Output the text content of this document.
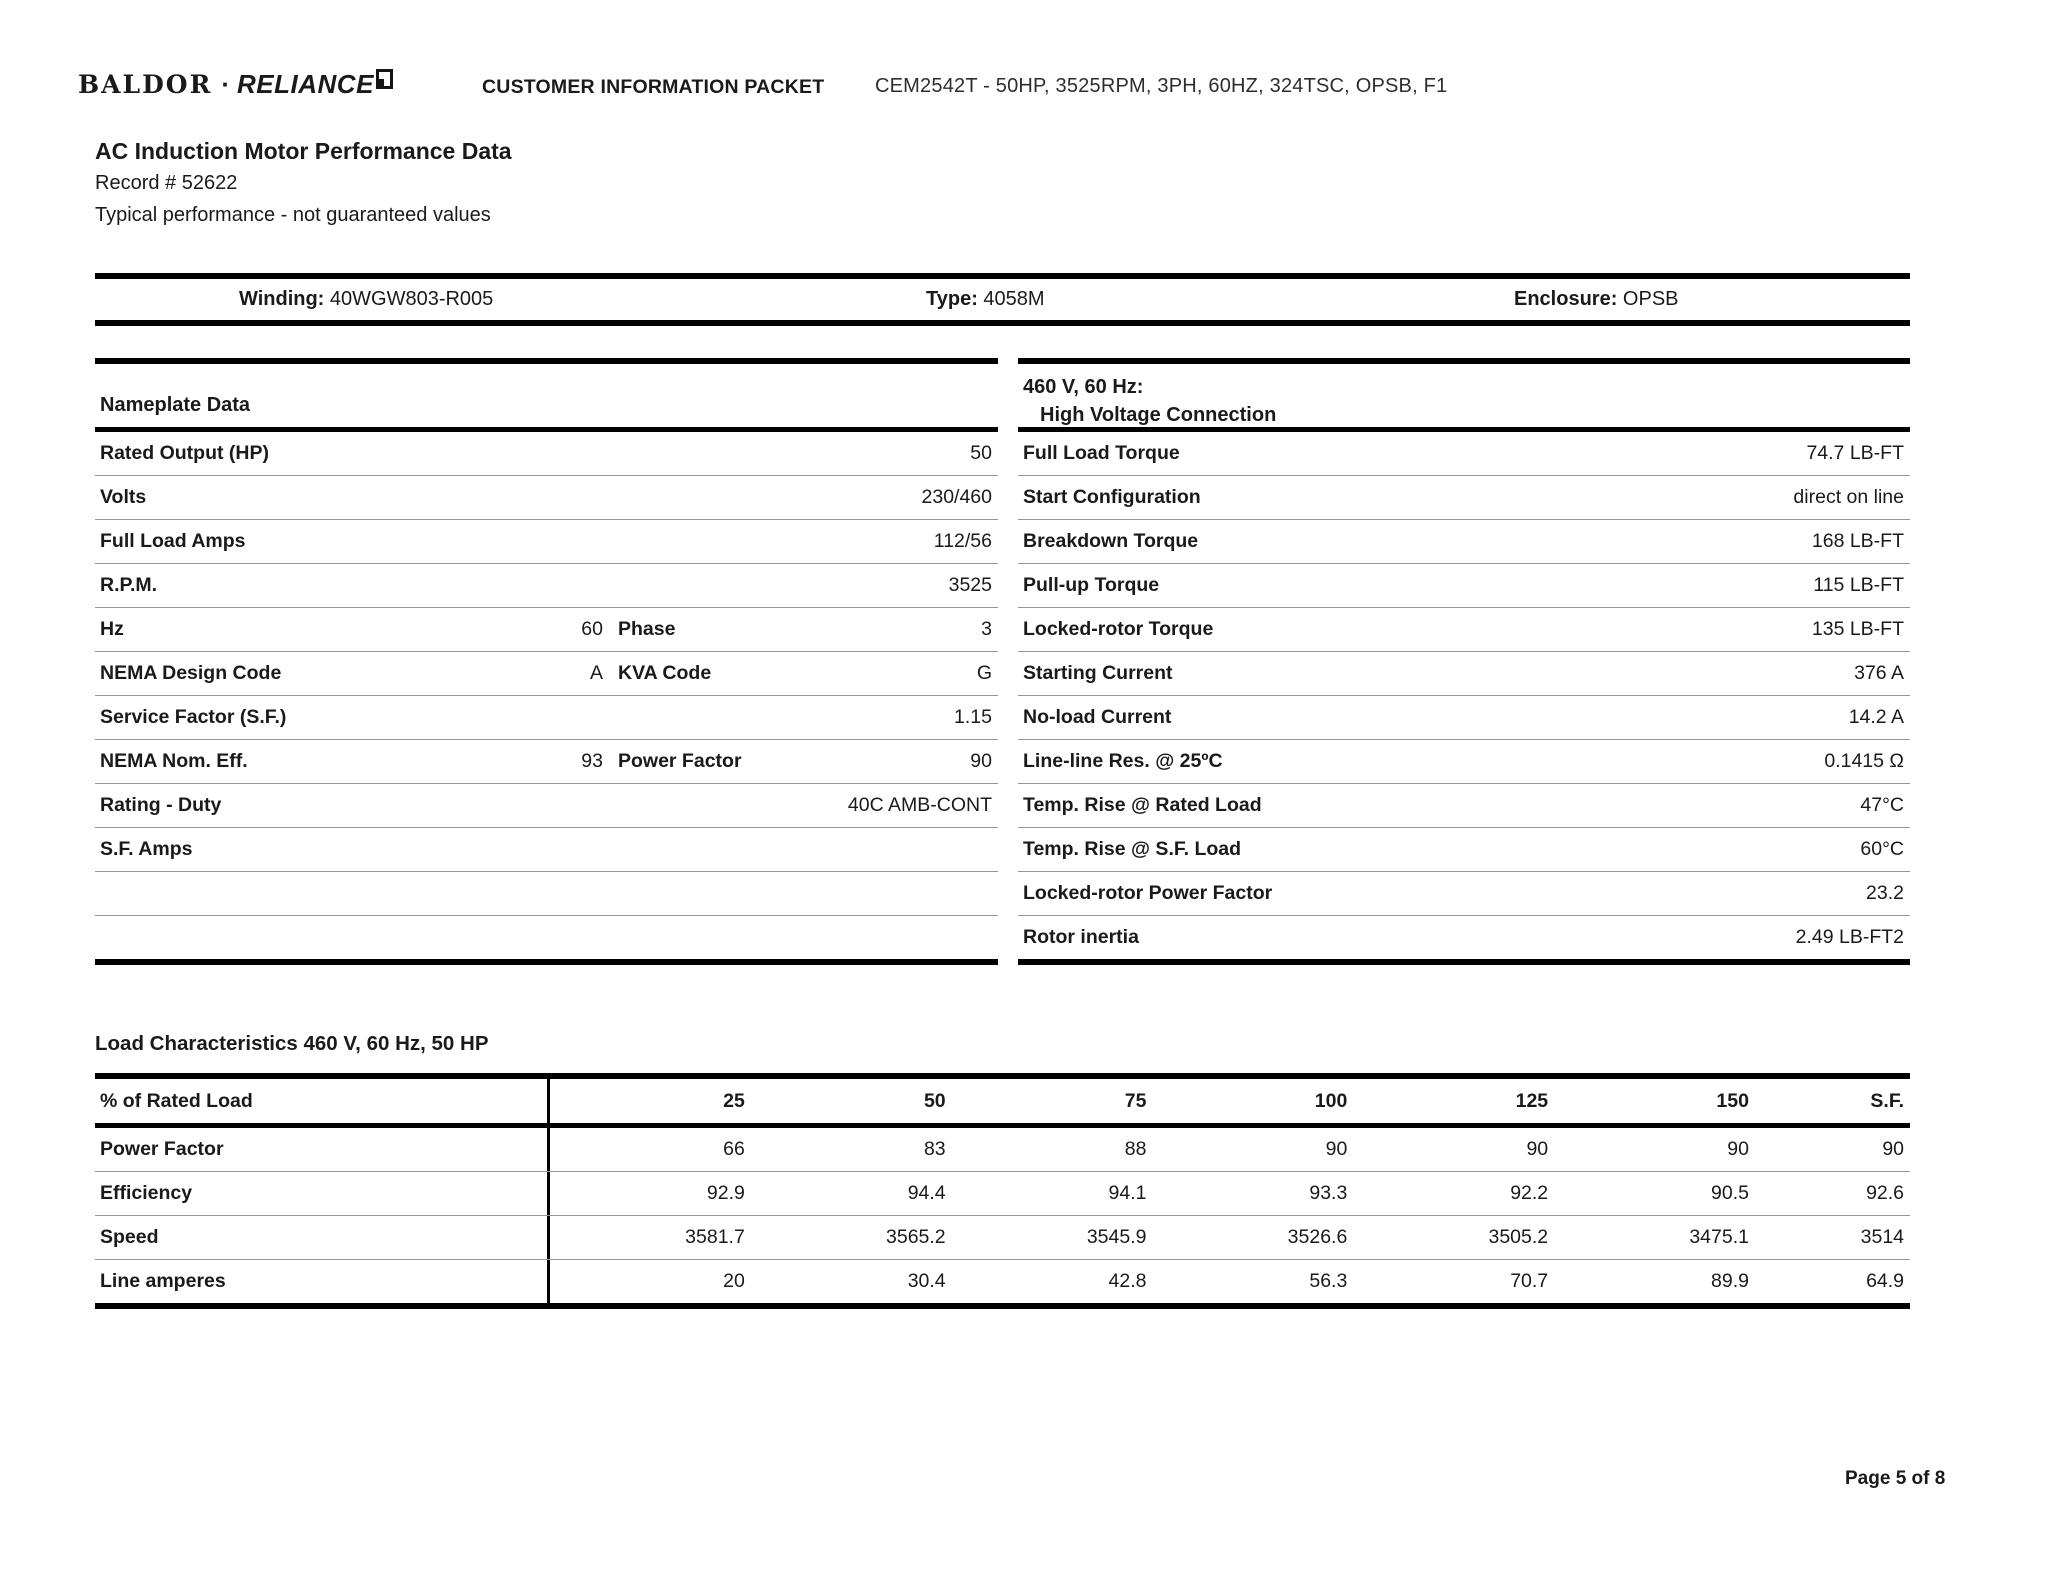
BALDOR · RELIANCE	CUSTOMER INFORMATION PACKET	CEM2542T - 50HP, 3525RPM, 3PH, 60HZ, 324TSC, OPSB, F1
AC Induction Motor Performance Data
Record # 52622
Typical performance - not guaranteed values
Winding: 40WGW803-R005	Type: 4058M	Enclosure: OPSB
Nameplate Data
Rated Output (HP)	50
Volts	230/460
Full Load Amps	112/56
R.P.M.	3525
Hz	60 Phase	3
NEMA Design Code	A KVA Code	G
Service Factor (S.F.)	1.15
NEMA Nom. Eff.	93 Power Factor	90
Rating - Duty	40C AMB-CONT
S.F. Amps
460 V, 60 Hz:
High Voltage Connection
Full Load Torque	74.7 LB-FT
Start Configuration	direct on line
Breakdown Torque	168 LB-FT
Pull-up Torque	115 LB-FT
Locked-rotor Torque	135 LB-FT
Starting Current	376 A
No-load Current	14.2 A
Line-line Res. @ 25ºC	0.1415 Ω
Temp. Rise @ Rated Load	47°C
Temp. Rise @ S.F. Load	60°C
Locked-rotor Power Factor	23.2
Rotor inertia	2.49 LB-FT2
Load Characteristics 460 V, 60 Hz, 50 HP
% of Rated Load	25	50	75	100	125	150	S.F.
Power Factor	66	83	88	90	90	90	90
Efficiency	92.9	94.4	94.1	93.3	92.2	90.5	92.6
Speed	3581.7	3565.2	3545.9	3526.6	3505.2	3475.1	3514
Line amperes	20	30.4	42.8	56.3	70.7	89.9	64.9
Page 5 of 8
